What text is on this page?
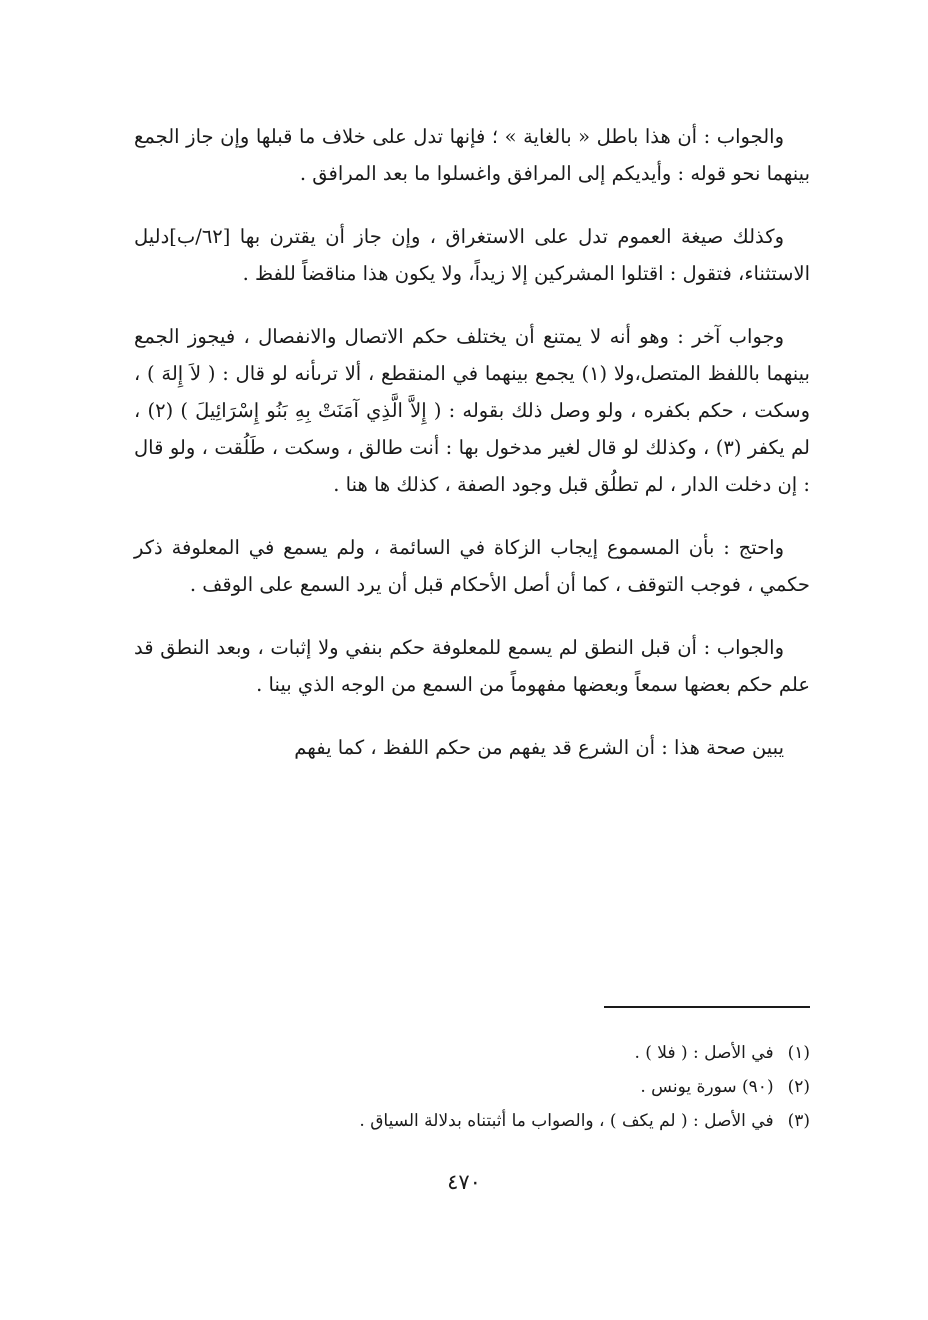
والجواب : أن هذا باطل « بالغاية » ؛ فإنها تدل على خلاف ما قبلها وإن جاز الجمع بينهما نحو قوله : وأيديكم إلى المرافق واغسلوا ما بعد المرافق .

وكذلك صيغة العموم تدل على الاستغراق ، وإن جاز أن يقترن بها [٦٢/ب]دليل الاستثناء، فتقول : اقتلوا المشركين إلا زيداً، ولا يكون هذا مناقضاً للفظ .

وجواب آخر : وهو أنه لا يمتنع أن يختلف حكم الاتصال والانفصال ، فيجوز الجمع بينهما باللفظ المتصل،ولا (١) يجمع بينهما في المنقطع ، ألا ترىأنه لو قال : ( لاَ إِلهَ ) ، وسكت ، حكم بكفره ، ولو وصل ذلك بقوله : ( إِلاَّ الَّذِي آمَنَتْ بِهِ بَنُو إِسْرَائِيلَ ) (٢) ، لم يكفر (٣) ، وكذلك لو قال لغير مدخول بها : أنت طالق ، وسكت ، طَلُقت ، ولو قال : إن دخلت الدار ، لم تطلُق قبل وجود الصفة ، كذلك ها هنا .

واحتج : بأن المسموع إيجاب الزكاة في السائمة ، ولم يسمع في المعلوفة ذكر حكمي ، فوجب التوقف ، كما أن أصل الأحكام قبل أن يرد السمع على الوقف .

والجواب : أن قبل النطق لم يسمع للمعلوفة حكم بنفي ولا إثبات ، وبعد النطق قد علم حكم بعضها سمعاً وبعضها مفهوماً من السمع من الوجه الذي بينا .

يبين صحة هذا : أن الشرع قد يفهم من حكم اللفظ ، كما يفهم

(١)
في الأصل : ( فلا ) .
(٢)
(٩٠) سورة يونس .
(٣)
في الأصل : ( لم يكف ) ، والصواب ما أثبتناه بدلالة السياق .
٤٧٠
